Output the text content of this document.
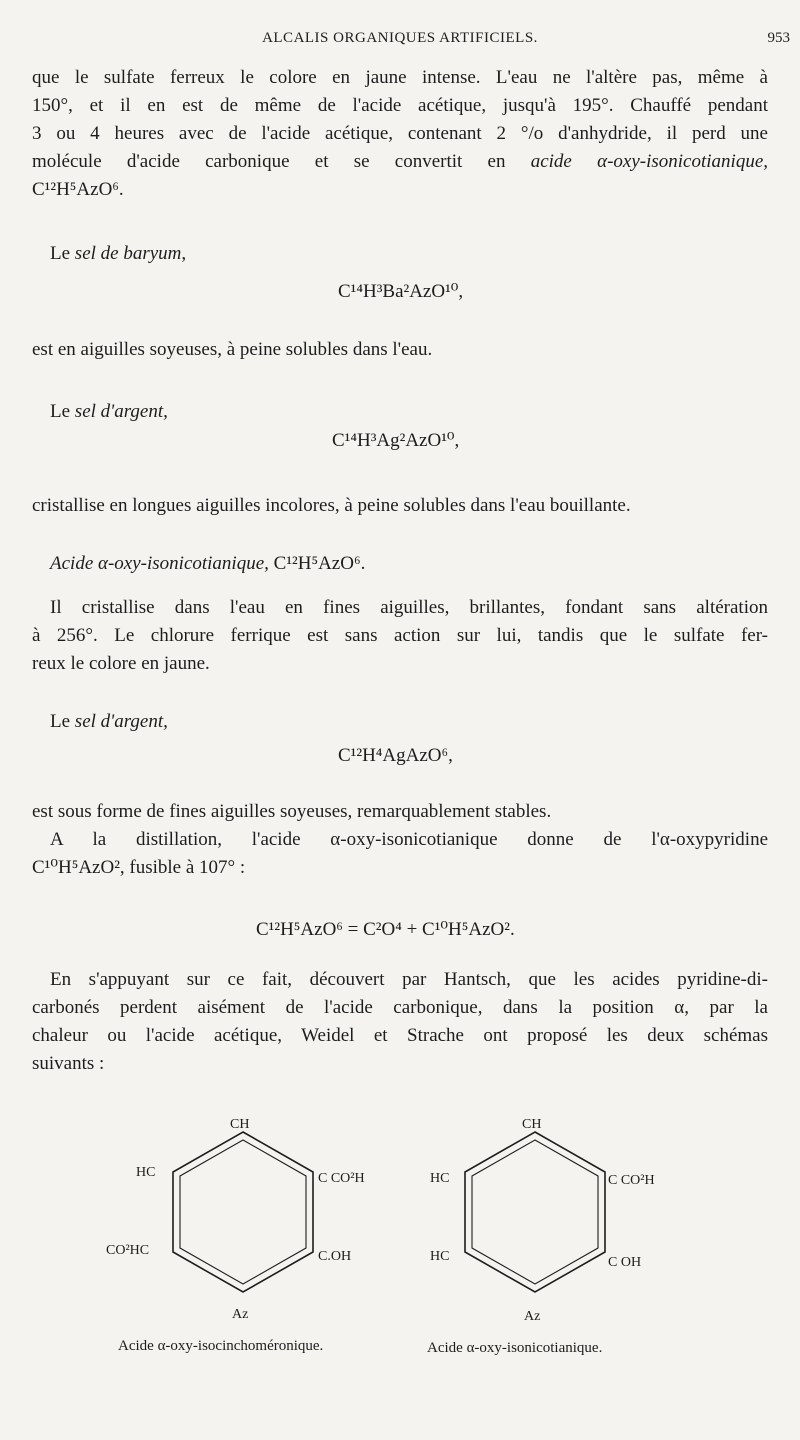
ALCALIS ORGANIQUES ARTIFICIELS.	953
que le sulfate ferreux le colore en jaune intense. L'eau ne l'altère pas, même à
150°, et il en est de même de l'acide acétique, jusqu'à 195°. Chauffé pendant
3 ou 4 heures avec de l'acide acétique, contenant 2 °/o d'anhydride, il perd une
molécule d'acide carbonique et se convertit en acide α-oxy-isonicotianique,
C¹²H⁵AzO⁶.
Le sel de baryum,
C¹⁴H³Ba²AzO¹⁰,
est en aiguilles soyeuses, à peine solubles dans l'eau.
Le sel d'argent,
C¹⁴H³Ag²AzO¹⁰,
cristallise en longues aiguilles incolores, à peine solubles dans l'eau bouillante.
Acide α-oxy-isonicotianique, C¹²H⁵AzO⁶.
Il cristallise dans l'eau en fines aiguilles, brillantes, fondant sans altération
à 256°. Le chlorure ferrique est sans action sur lui, tandis que le sulfate fer-
reux le colore en jaune.
Le sel d'argent,
C¹²H⁴AgAzO⁶,
est sous forme de fines aiguilles soyeuses, remarquablement stables.
A la distillation, l'acide α-oxy-isonicotianique donne de l'α-oxypyridine
C¹⁰H⁵AzO², fusible à 107° :
C¹²H⁵AzO⁶ = C²O⁴ + C¹⁰H⁵AzO².
En s'appuyant sur ce fait, découvert par Hantsch, que les acides pyridine-di-
carbonés perdent aisément de l'acide carbonique, dans la position α, par la
chaleur ou l'acide acétique, Weidel et Strache ont proposé les deux schémas
suivants :
CH
HC	C CO²H
CO²HC	C.OH
Az
CH
HC	C CO²H
HC	C OH
Az
Acide α-oxy-isocinchoméronique.	Acide α-oxy-isonicotianique.
